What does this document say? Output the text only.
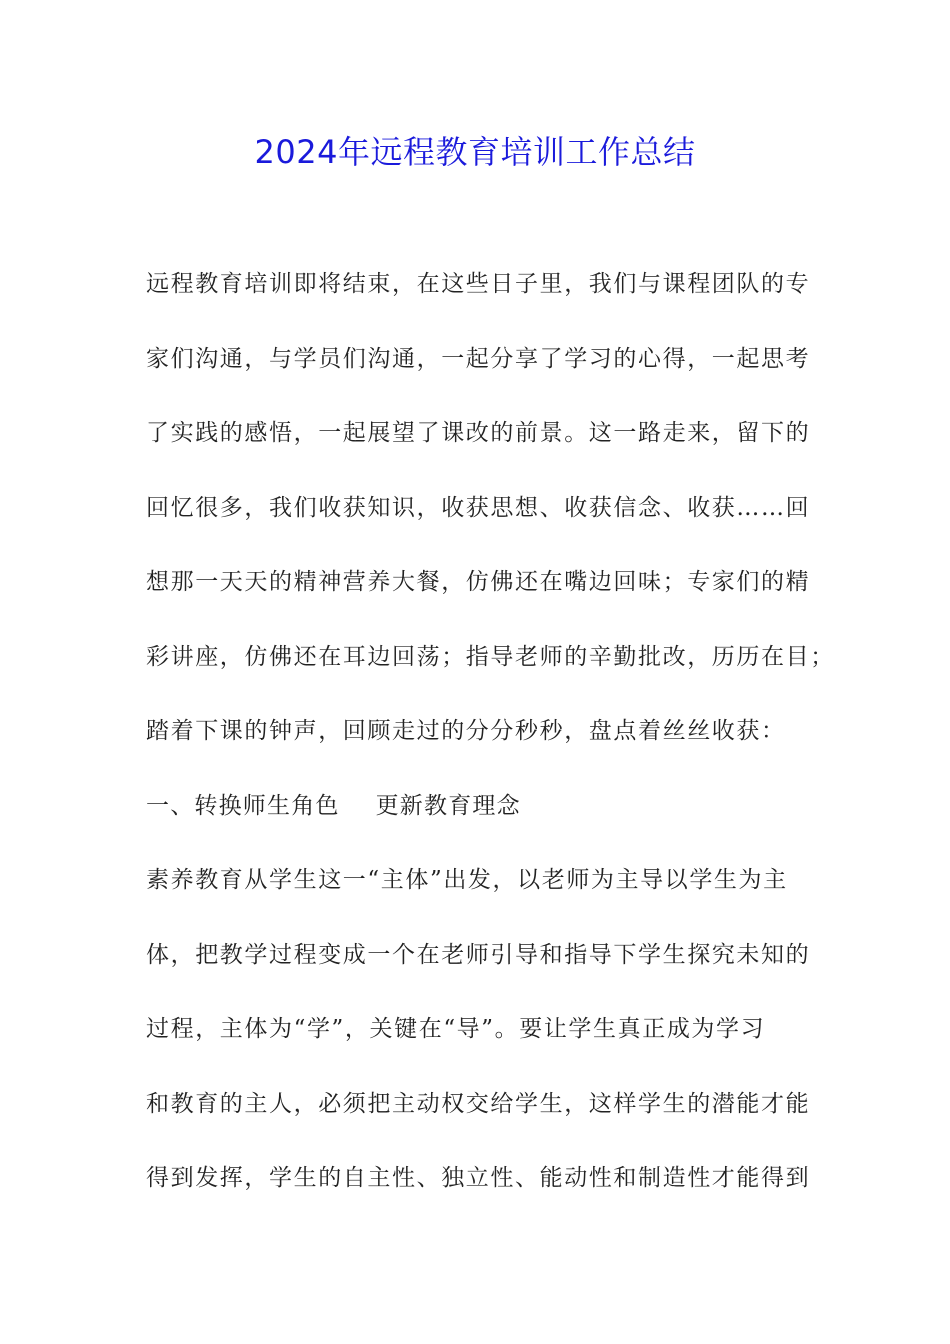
2024年远程教育培训工作总结
远程教育培训即将结束，在这些日子里，我们与课程团队的专
家们沟通，与学员们沟通，一起分享了学习的心得，一起思考
了实践的感悟，一起展望了课改的前景。这一路走来，留下的
回忆很多，我们收获知识，收获思想、收获信念、收获……回
想那一天天的精神营养大餐，仿佛还在嘴边回味；专家们的精
彩讲座，仿佛还在耳边回荡；指导老师的辛勤批改，历历在目；
踏着下课的钟声，回顾走过的分分秒秒，盘点着丝丝收获：
一、转换师生角色 更新教育理念
素养教育从学生这一“主体”出发，以老师为主导以学生为主
体，把教学过程变成一个在老师引导和指导下学生探究未知的
过程，主体为“学”，关键在“导”。要让学生真正成为学习
和教育的主人，必须把主动权交给学生，这样学生的潜能才能
得到发挥，学生的自主性、独立性、能动性和制造性才能得到
